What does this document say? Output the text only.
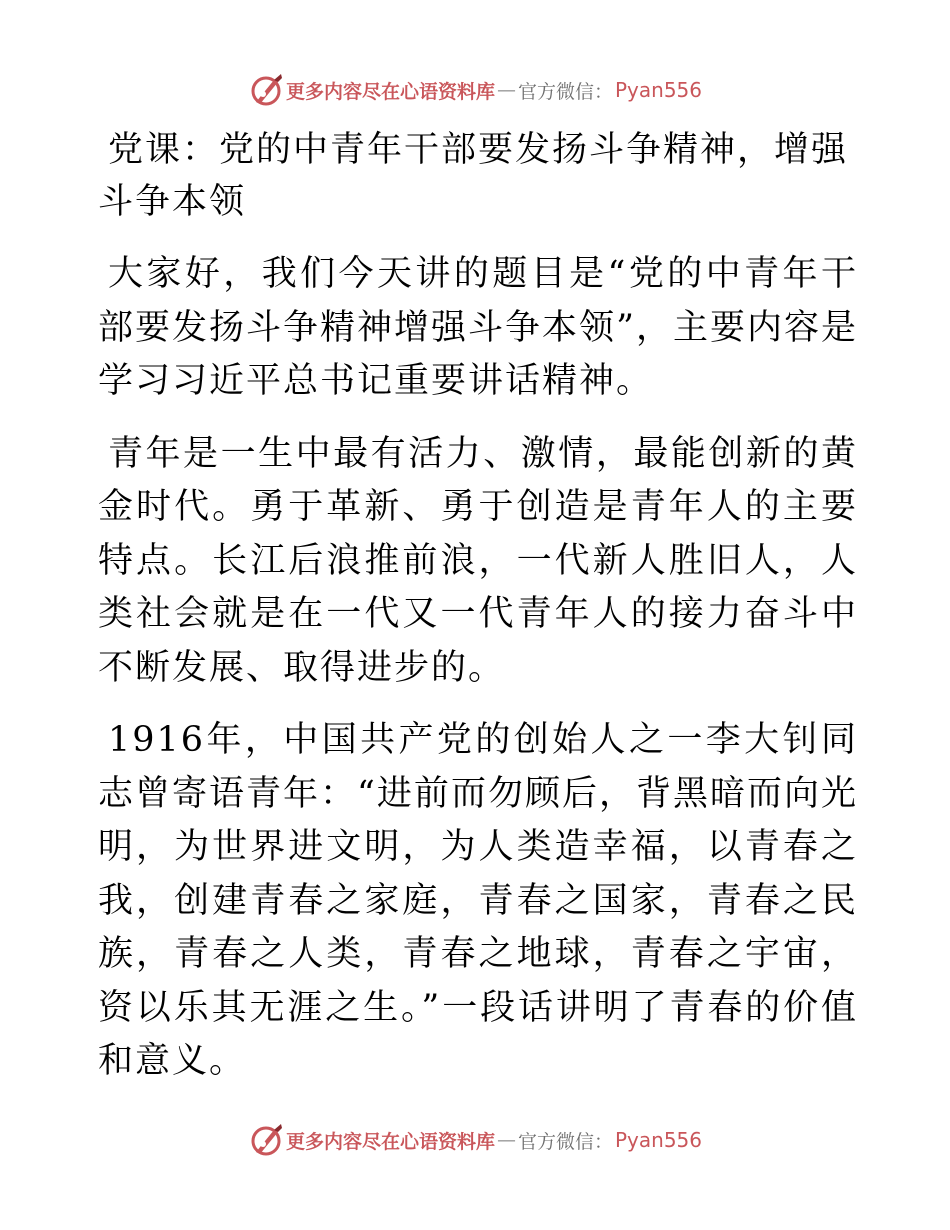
更多内容尽在心语资料库 — 官方微信： Pyan556
党课：党的中青年干部要发扬斗争精神，增强斗争本领

大家好，我们今天讲的题目是“党的中青年干部要发扬斗争精神增强斗争本领”，主要内容是学习习近平总书记重要讲话精神。

青年是一生中最有活力、激情，最能创新的黄金时代。勇于革新、勇于创造是青年人的主要特点。长江后浪推前浪，一代新人胜旧人，人类社会就是在一代又一代青年人的接力奋斗中不断发展、取得进步的。

1916年，中国共产党的创始人之一李大钊同志曾寄语青年：“进前而勿顾后，背黑暗而向光明，为世界进文明，为人类造幸福，以青春之我，创建青春之家庭，青春之国家，青春之民族，青春之人类，青春之地球，青春之宇宙，资以乐其无涯之生。”一段话讲明了青春的价值和意义。

更多内容尽在心语资料库 — 官方微信： Pyan556
